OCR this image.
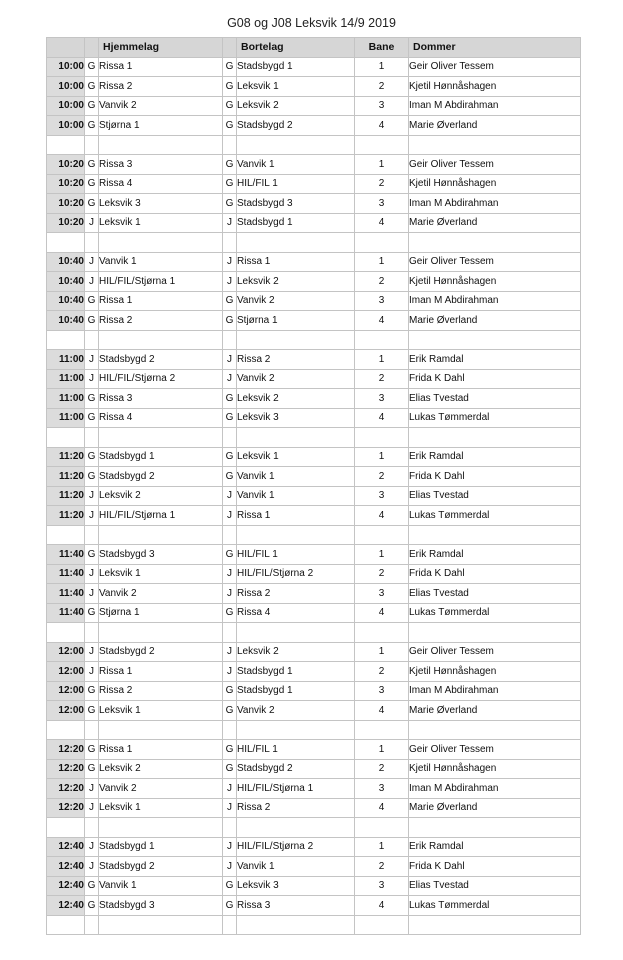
G08 og J08 Leksvik 14/9 2019
		Hjemmelag		Bortelag	Bane	Dommer
10:00	G	Rissa 1	G	Stadsbygd 1	1	Geir Oliver Tessem
10:00	G	Rissa 2	G	Leksvik 1	2	Kjetil Hønnåshagen
10:00	G	Vanvik 2	G	Leksvik 2	3	Iman M Abdirahman
10:00	G	Stjørna 1	G	Stadsbygd 2	4	Marie Øverland

10:20	G	Rissa 3	G	Vanvik 1	1	Geir Oliver Tessem
10:20	G	Rissa 4	G	HIL/FIL 1	2	Kjetil Hønnåshagen
10:20	G	Leksvik 3	G	Stadsbygd 3	3	Iman M Abdirahman
10:20	J	Leksvik 1	J	Stadsbygd 1	4	Marie Øverland

10:40	J	Vanvik 1	J	Rissa 1	1	Geir Oliver Tessem
10:40	J	HIL/FIL/Stjørna 1	J	Leksvik 2	2	Kjetil Hønnåshagen
10:40	G	Rissa 1	G	Vanvik 2	3	Iman M Abdirahman
10:40	G	Rissa 2	G	Stjørna 1	4	Marie Øverland

11:00	J	Stadsbygd 2	J	Rissa 2	1	Erik Ramdal
11:00	J	HIL/FIL/Stjørna 2	J	Vanvik 2	2	Frida K Dahl
11:00	G	Rissa 3	G	Leksvik 2	3	Elias Tvestad
11:00	G	Rissa 4	G	Leksvik 3	4	Lukas Tømmerdal

11:20	G	Stadsbygd 1	G	Leksvik 1	1	Erik Ramdal
11:20	G	Stadsbygd 2	G	Vanvik 1	2	Frida K Dahl
11:20	J	Leksvik 2	J	Vanvik 1	3	Elias Tvestad
11:20	J	HIL/FIL/Stjørna 1	J	Rissa 1	4	Lukas Tømmerdal

11:40	G	Stadsbygd 3	G	HIL/FIL 1	1	Erik Ramdal
11:40	J	Leksvik 1	J	HIL/FIL/Stjørna 2	2	Frida K Dahl
11:40	J	Vanvik 2	J	Rissa 2	3	Elias Tvestad
11:40	G	Stjørna 1	G	Rissa 4	4	Lukas Tømmerdal

12:00	J	Stadsbygd 2	J	Leksvik 2	1	Geir Oliver Tessem
12:00	J	Rissa 1	J	Stadsbygd 1	2	Kjetil Hønnåshagen
12:00	G	Rissa 2	G	Stadsbygd 1	3	Iman M Abdirahman
12:00	G	Leksvik 1	G	Vanvik 2	4	Marie Øverland

12:20	G	Rissa 1	G	HIL/FIL 1	1	Geir Oliver Tessem
12:20	G	Leksvik 2	G	Stadsbygd 2	2	Kjetil Hønnåshagen
12:20	J	Vanvik 2	J	HIL/FIL/Stjørna 1	3	Iman M Abdirahman
12:20	J	Leksvik 1	J	Rissa 2	4	Marie Øverland

12:40	J	Stadsbygd 1	J	HIL/FIL/Stjørna 2	1	Erik Ramdal
12:40	J	Stadsbygd 2	J	Vanvik 1	2	Frida K Dahl
12:40	G	Vanvik 1	G	Leksvik 3	3	Elias Tvestad
12:40	G	Stadsbygd 3	G	Rissa 3	4	Lukas Tømmerdal
